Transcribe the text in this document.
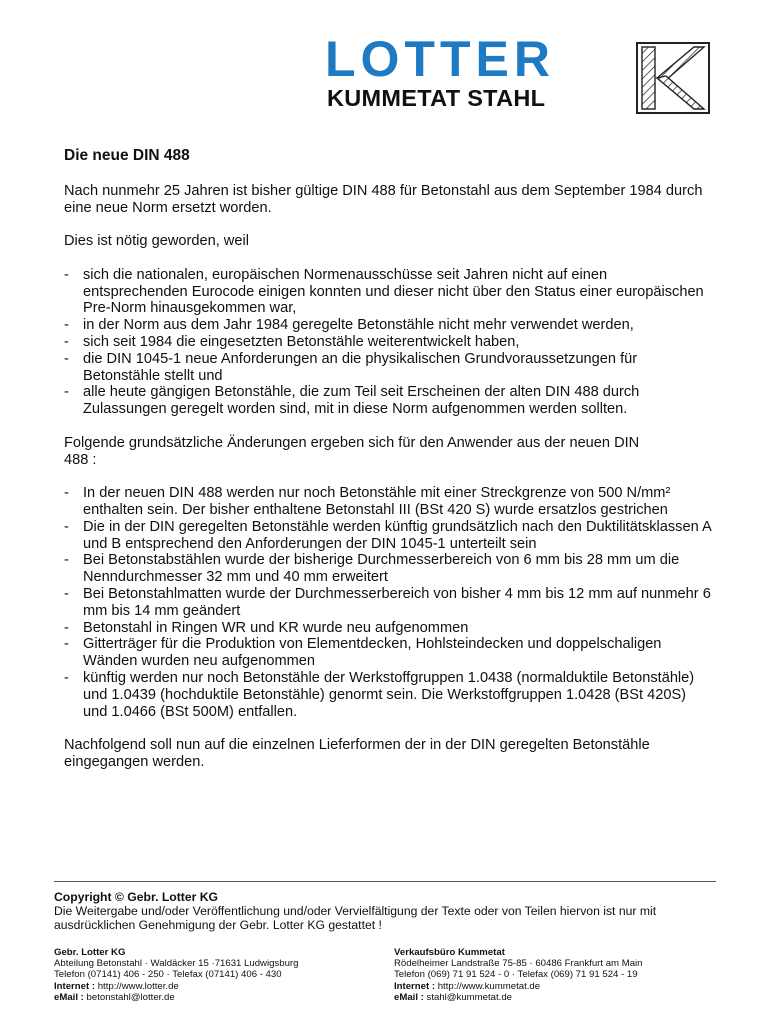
LOTTER
KUMMETAT STAHL
Die neue DIN 488

Nach nunmehr 25 Jahren ist bisher gültige DIN 488 für Betonstahl aus dem September 1984 durch eine neue Norm ersetzt worden.

Dies ist nötig geworden, weil

- sich die nationalen, europäischen Normenausschüsse seit Jahren nicht auf einen entsprechenden Eurocode einigen konnten und dieser nicht über den Status einer europäischen Pre-Norm hinausgekommen war,
- in der Norm aus dem Jahr 1984 geregelte Betonstähle nicht mehr verwendet werden,
- sich seit 1984 die eingesetzten Betonstähle weiterentwickelt haben,
- die DIN 1045-1 neue Anforderungen an die physikalischen Grundvoraussetzungen für Betonstähle stellt und
- alle heute gängigen Betonstähle, die zum Teil seit Erscheinen der alten DIN 488 durch Zulassungen geregelt worden sind, mit in diese Norm aufgenommen werden sollten.

Folgende grundsätzliche Änderungen ergeben sich für den Anwender aus der neuen DIN 488 :

- In der neuen DIN 488 werden nur noch Betonstähle mit einer Streckgrenze von 500 N/mm² enthalten sein. Der bisher enthaltene Betonstahl III (BSt 420 S) wurde ersatzlos gestrichen
- Die in der DIN geregelten Betonstähle werden künftig grundsätzlich nach den Duktilitätsklassen A und B entsprechend den Anforderungen der DIN 1045-1 unterteilt sein
- Bei Betonstabstählen wurde der bisherige Durchmesserbereich von 6 mm bis 28 mm um die Nenndurchmesser 32 mm und 40 mm erweitert
- Bei Betonstahlmatten wurde der Durchmesserbereich von bisher 4 mm bis 12 mm auf nunmehr 6 mm bis 14 mm geändert
- Betonstahl in Ringen WR und KR wurde neu aufgenommen
- Gitterträger für die Produktion von Elementdecken, Hohlsteindecken und doppelschaligen Wänden wurden neu aufgenommen
- künftig werden nur noch Betonstähle der Werkstoffgruppen 1.0438 (normalduktile Betonstähle) und 1.0439 (hochduktile Betonstähle) genormt sein. Die Werkstoffgruppen 1.0428 (BSt 420S) und 1.0466 (BSt 500M) entfallen.

Nachfolgend soll nun auf die einzelnen Lieferformen der in der DIN geregelten Betonstähle eingegangen werden.

Copyright © Gebr. Lotter KG
Die Weitergabe und/oder Veröffentlichung und/oder Vervielfältigung der Texte oder von Teilen hiervon ist nur mit ausdrücklichen Genehmigung der Gebr. Lotter KG gestattet !
Gebr. Lotter KG
Abteilung Betonstahl · Waldäcker 15 ·71631 Ludwigsburg
Telefon (07141) 406 - 250 · Telefax (07141) 406 - 430
Internet : http://www.lotter.de
eMail : betonstahl@lotter.de
Verkaufsbüro Kummetat
Rödelheimer Landstraße 75-85 · 60486 Frankfurt am Main
Telefon (069) 71 91 524 - 0 · Telefax (069) 71 91 524 - 19
Internet : http://www.kummetat.de
eMail : stahl@kummetat.de
